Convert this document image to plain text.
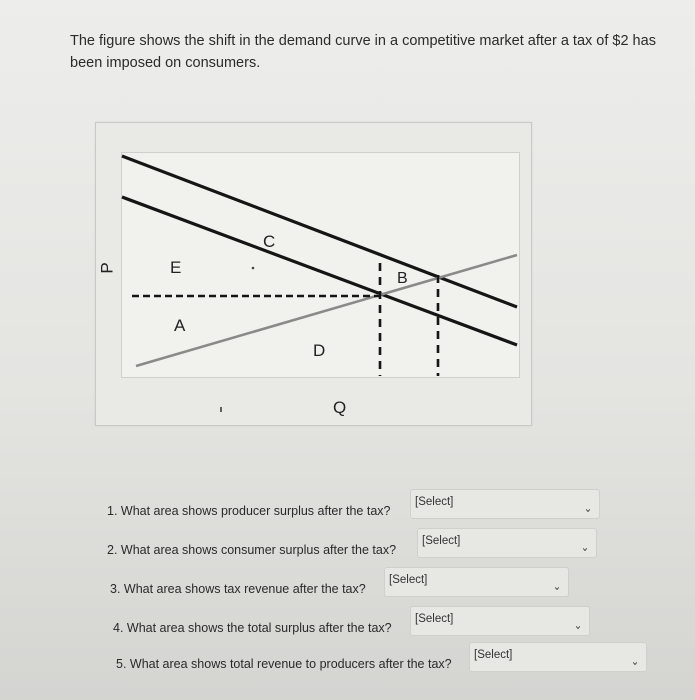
The figure shows the shift in the demand curve in a competitive market after a tax of $2 has been imposed on consumers.
P	E
C
B
A
D
Q
1. What area shows producer surplus after the tax?
[Select]	⌄
2. What area shows consumer surplus after the tax?
[Select]	⌄
3. What area shows tax revenue after the tax?
[Select]	⌄
4. What area shows the total surplus after the tax?
[Select]	⌄
5. What area shows total revenue to producers after the tax?
[Select]	⌄
